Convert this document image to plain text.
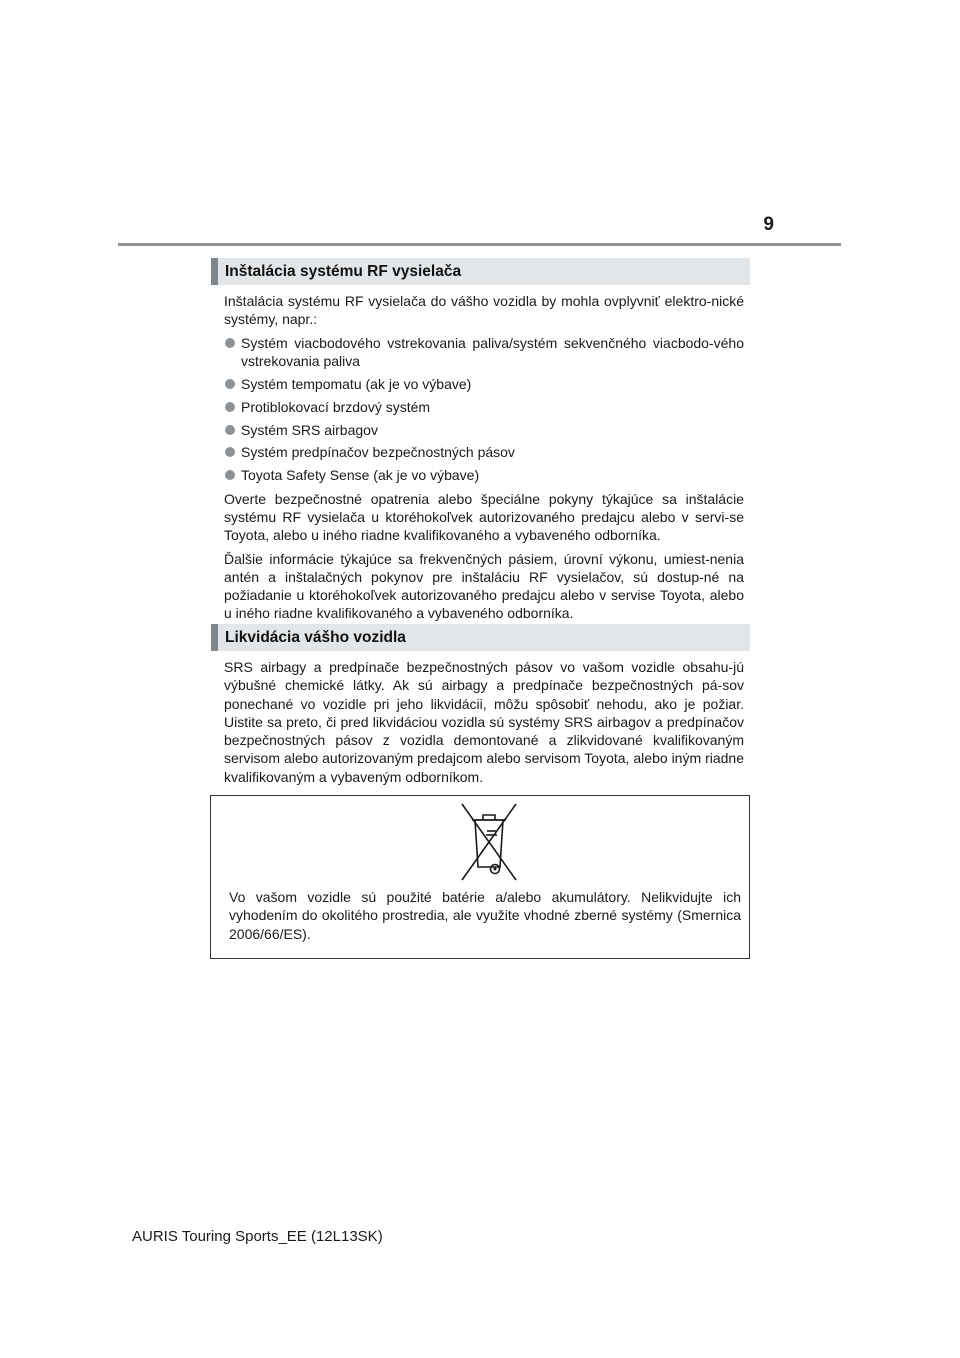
9
Inštalácia systému RF vysielača

Inštalácia systému RF vysielača do vášho vozidla by mohla ovplyvniť elektro-nické systémy, napr.:

Systém viacbodového vstrekovania paliva/systém sekvenčného viacbodo-vého vstrekovania paliva
Systém tempomatu (ak je vo výbave)
Protiblokovací brzdový systém
Systém SRS airbagov
Systém predpínačov bezpečnostných pásov
Toyota Safety Sense (ak je vo výbave)

Overte bezpečnostné opatrenia alebo špeciálne pokyny týkajúce sa inštalácie systému RF vysielača u ktoréhokoľvek autorizovaného predajcu alebo v servi-se Toyota, alebo u iného riadne kvalifikovaného a vybaveného odborníka.

Ďalšie informácie týkajúce sa frekvenčných pásiem, úrovní výkonu, umiest-nenia antén a inštalačných pokynov pre inštaláciu RF vysielačov, sú dostup-né na požiadanie u ktoréhokoľvek autorizovaného predajcu alebo v servise Toyota, alebo u iného riadne kvalifikovaného a vybaveného odborníka.

Likvidácia vášho vozidla

SRS airbagy a predpínače bezpečnostných pásov vo vašom vozidle obsahu-jú výbušné chemické látky. Ak sú airbagy a predpínače bezpečnostných pá-sov ponechané vo vozidle pri jeho likvidácii, môžu spôsobiť nehodu, ako je požiar. Uistite sa preto, či pred likvidáciou vozidla sú systémy SRS airbagov a predpínačov bezpečnostných pásov z vozidla demontované a zlikvidované kvalifikovaným servisom alebo autorizovaným predajcom alebo servisom Toyota, alebo iným riadne kvalifikovaným a vybaveným odborníkom.

Vo vašom vozidle sú použité batérie a/alebo akumulátory. Nelikvidujte ich vyhodením do okolitého prostredia, ale využite vhodné zberné systémy (Smernica 2006/66/ES).
AURIS Touring Sports_EE (12L13SK)
